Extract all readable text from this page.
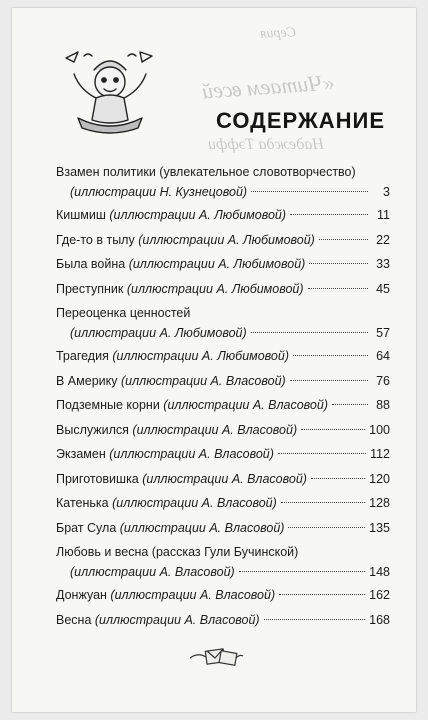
Серия
«Читаем всей
Надежда Тэффи
СОДЕРЖАНИЕ
Взамен политики (увлекательное словотворчество)
(иллюстрации Н. Кузнецовой)	3
Кишмиш
(иллюстрации А. Любимовой)	11
Где-то в тылу
(иллюстрации А. Любимовой)	22
Была война
(иллюстрации А. Любимовой)	33
Преступник
(иллюстрации А. Любимовой)	45
Переоценка ценностей
(иллюстрации А. Любимовой)	57
Трагедия
(иллюстрации А. Любимовой)	64
В Америку
(иллюстрации А. Власовой)	76
Подземные корни
(иллюстрации А. Власовой)	88
Выслужился
(иллюстрации А. Власовой)	100
Экзамен
(иллюстрации А. Власовой)	112
Приготовишка
(иллюстрации А. Власовой)	120
Катенька
(иллюстрации А. Власовой)	128
Брат Сула
(иллюстрации А. Власовой)	135
Любовь и весна (рассказ Гули Бучинской)
(иллюстрации А. Власовой)	148
Донжуан
(иллюстрации А. Власовой)	162
Весна
(иллюстрации А. Власовой)	168
